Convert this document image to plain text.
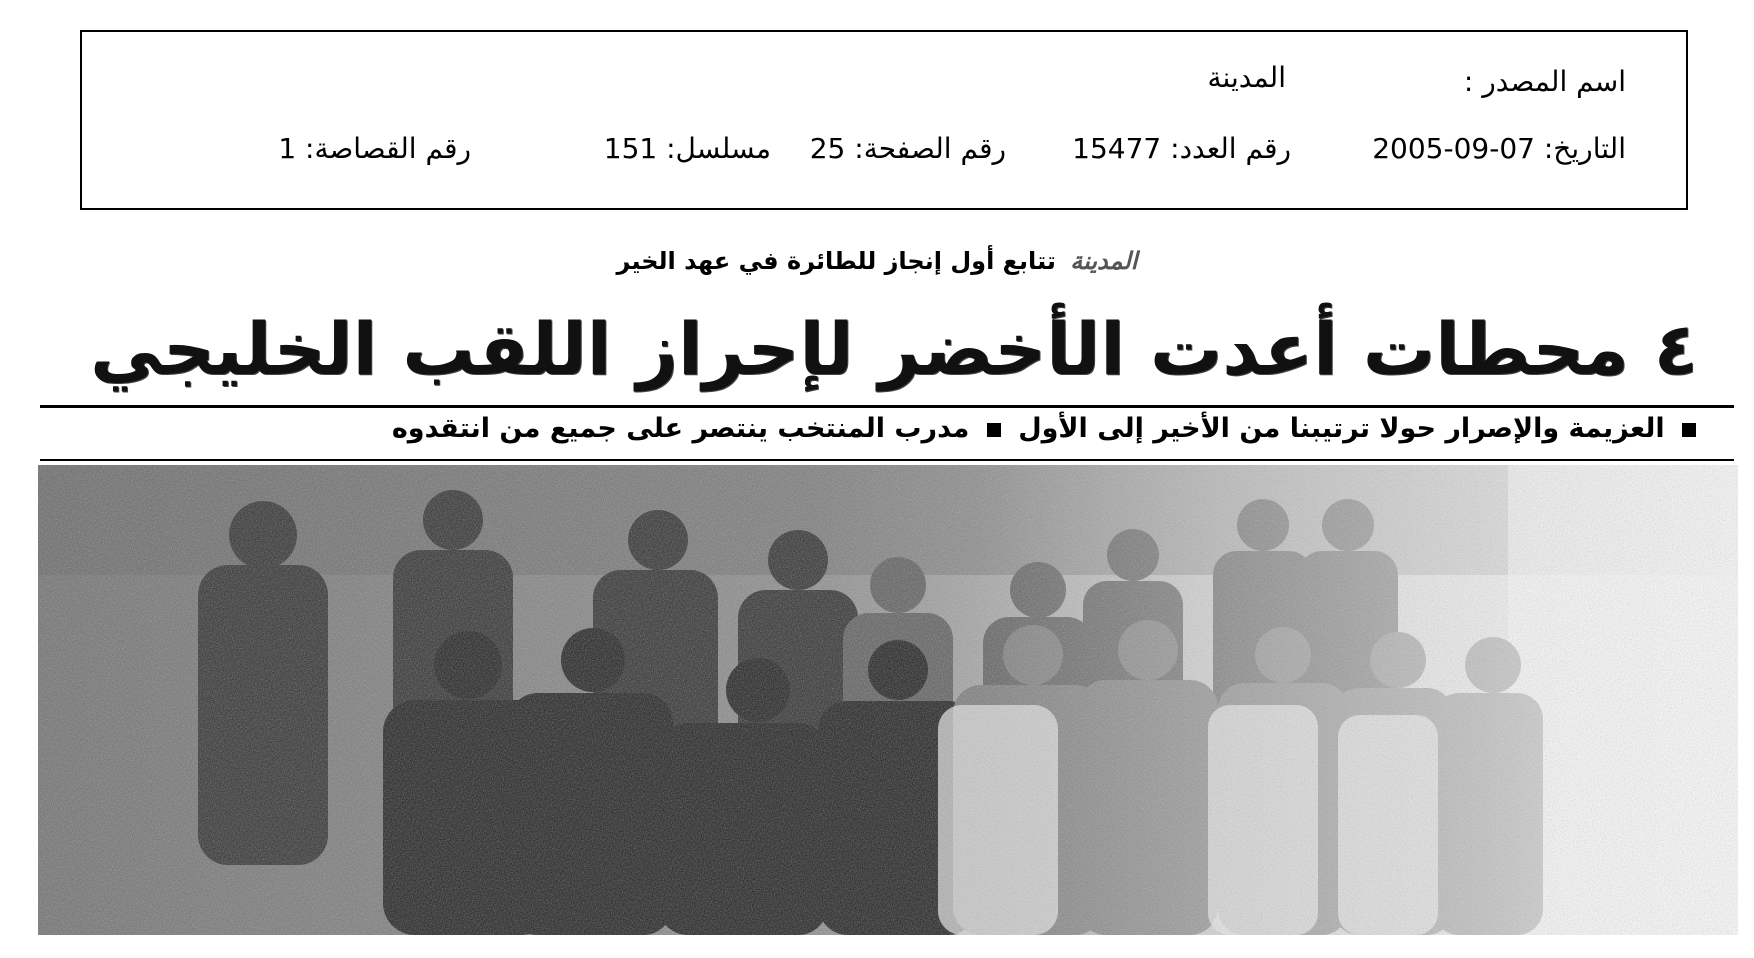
اسم المصدر :
المدينة
التاريخ: 2005-09-07
رقم العدد: 15477
رقم الصفحة: 25
مسلسل: 151
رقم القصاصة: 1
المدينة تتابع أول إنجاز للطائرة في عهد الخير
٤ محطات أعدت الأخضر لإحراز اللقب الخليجي
العزيمة والإصرار حولا ترتيبنا من الأخير إلى الأول  مدرب المنتخب ينتصر على جميع من انتقدوه
